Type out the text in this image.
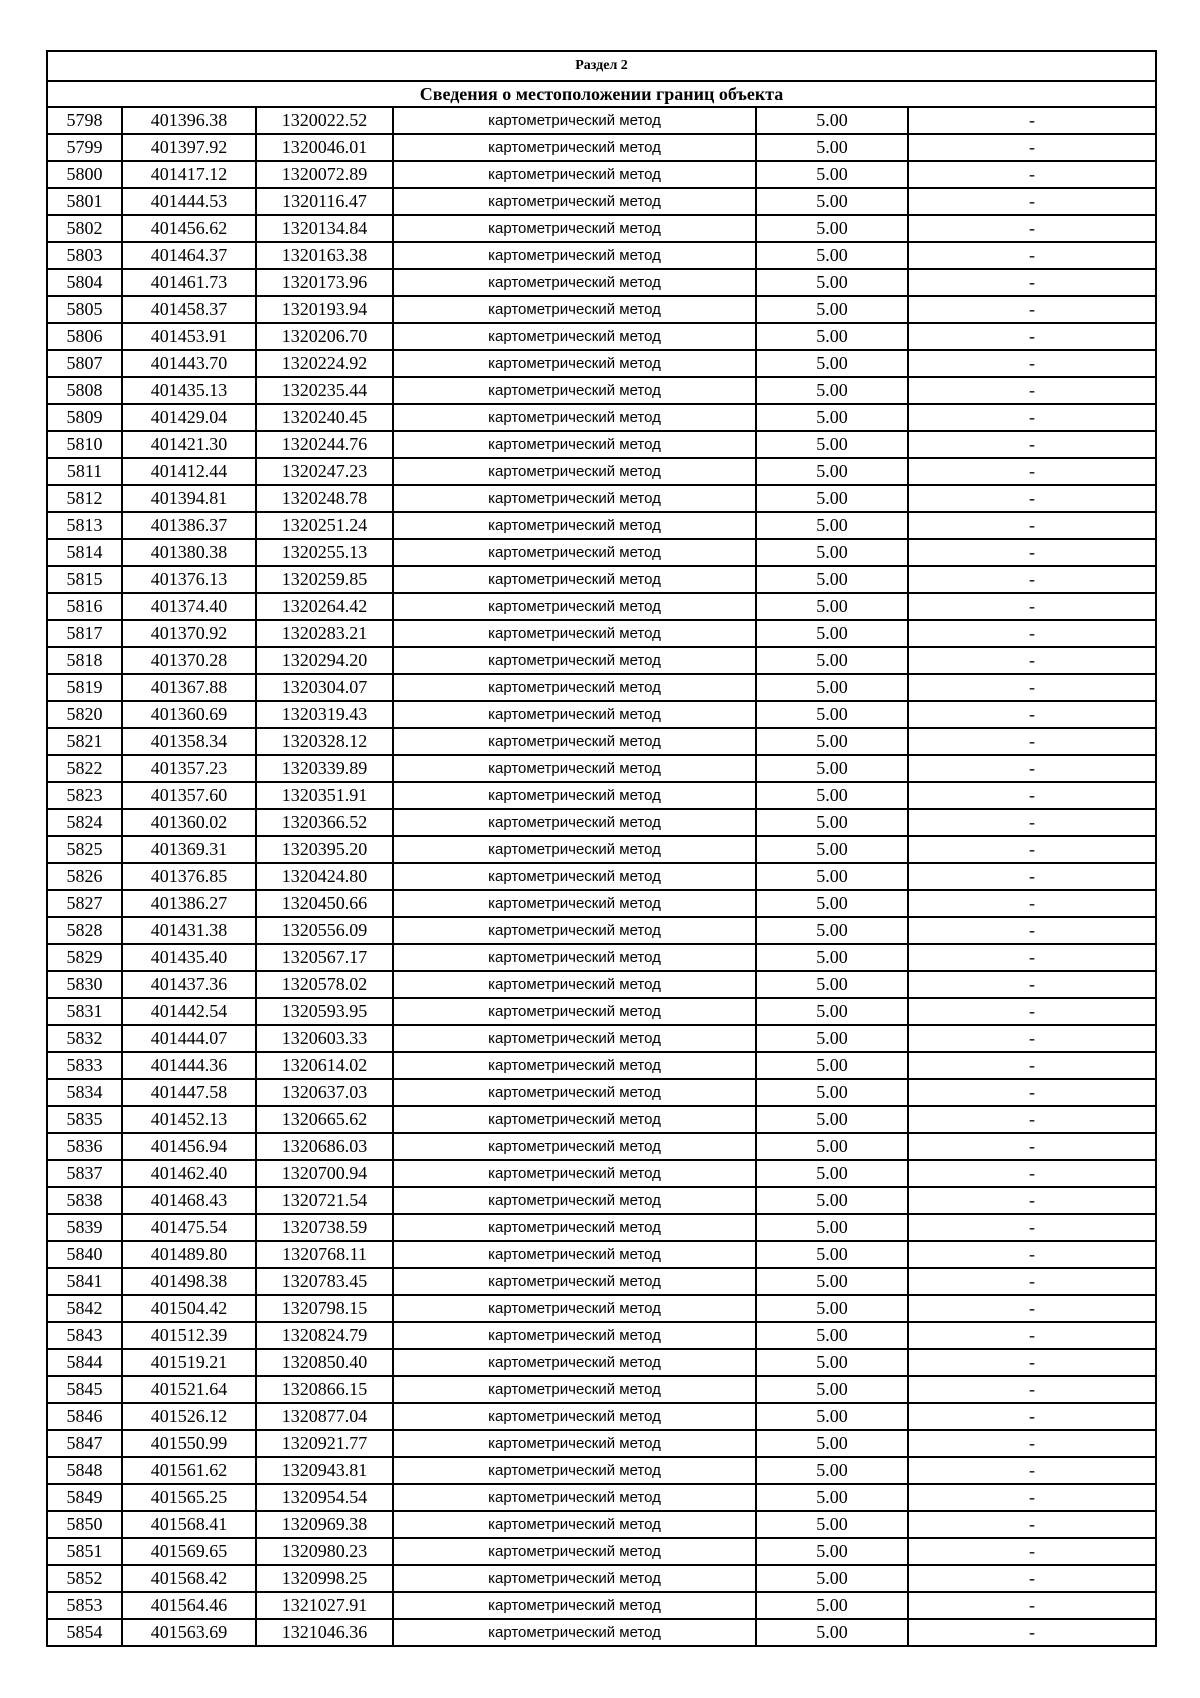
Раздел 2					
Сведения о местоположении границ объекта					
5798	401396.38	1320022.52	картометрический метод	5.00	-
5799	401397.92	1320046.01	картометрический метод	5.00	-
5800	401417.12	1320072.89	картометрический метод	5.00	-
5801	401444.53	1320116.47	картометрический метод	5.00	-
5802	401456.62	1320134.84	картометрический метод	5.00	-
5803	401464.37	1320163.38	картометрический метод	5.00	-
5804	401461.73	1320173.96	картометрический метод	5.00	-
5805	401458.37	1320193.94	картометрический метод	5.00	-
5806	401453.91	1320206.70	картометрический метод	5.00	-
5807	401443.70	1320224.92	картометрический метод	5.00	-
5808	401435.13	1320235.44	картометрический метод	5.00	-
5809	401429.04	1320240.45	картометрический метод	5.00	-
5810	401421.30	1320244.76	картометрический метод	5.00	-
5811	401412.44	1320247.23	картометрический метод	5.00	-
5812	401394.81	1320248.78	картометрический метод	5.00	-
5813	401386.37	1320251.24	картометрический метод	5.00	-
5814	401380.38	1320255.13	картометрический метод	5.00	-
5815	401376.13	1320259.85	картометрический метод	5.00	-
5816	401374.40	1320264.42	картометрический метод	5.00	-
5817	401370.92	1320283.21	картометрический метод	5.00	-
5818	401370.28	1320294.20	картометрический метод	5.00	-
5819	401367.88	1320304.07	картометрический метод	5.00	-
5820	401360.69	1320319.43	картометрический метод	5.00	-
5821	401358.34	1320328.12	картометрический метод	5.00	-
5822	401357.23	1320339.89	картометрический метод	5.00	-
5823	401357.60	1320351.91	картометрический метод	5.00	-
5824	401360.02	1320366.52	картометрический метод	5.00	-
5825	401369.31	1320395.20	картометрический метод	5.00	-
5826	401376.85	1320424.80	картометрический метод	5.00	-
5827	401386.27	1320450.66	картометрический метод	5.00	-
5828	401431.38	1320556.09	картометрический метод	5.00	-
5829	401435.40	1320567.17	картометрический метод	5.00	-
5830	401437.36	1320578.02	картометрический метод	5.00	-
5831	401442.54	1320593.95	картометрический метод	5.00	-
5832	401444.07	1320603.33	картометрический метод	5.00	-
5833	401444.36	1320614.02	картометрический метод	5.00	-
5834	401447.58	1320637.03	картометрический метод	5.00	-
5835	401452.13	1320665.62	картометрический метод	5.00	-
5836	401456.94	1320686.03	картометрический метод	5.00	-
5837	401462.40	1320700.94	картометрический метод	5.00	-
5838	401468.43	1320721.54	картометрический метод	5.00	-
5839	401475.54	1320738.59	картометрический метод	5.00	-
5840	401489.80	1320768.11	картометрический метод	5.00	-
5841	401498.38	1320783.45	картометрический метод	5.00	-
5842	401504.42	1320798.15	картометрический метод	5.00	-
5843	401512.39	1320824.79	картометрический метод	5.00	-
5844	401519.21	1320850.40	картометрический метод	5.00	-
5845	401521.64	1320866.15	картометрический метод	5.00	-
5846	401526.12	1320877.04	картометрический метод	5.00	-
5847	401550.99	1320921.77	картометрический метод	5.00	-
5848	401561.62	1320943.81	картометрический метод	5.00	-
5849	401565.25	1320954.54	картометрический метод	5.00	-
5850	401568.41	1320969.38	картометрический метод	5.00	-
5851	401569.65	1320980.23	картометрический метод	5.00	-
5852	401568.42	1320998.25	картометрический метод	5.00	-
5853	401564.46	1321027.91	картометрический метод	5.00	-
5854	401563.69	1321046.36	картометрический метод	5.00	-
